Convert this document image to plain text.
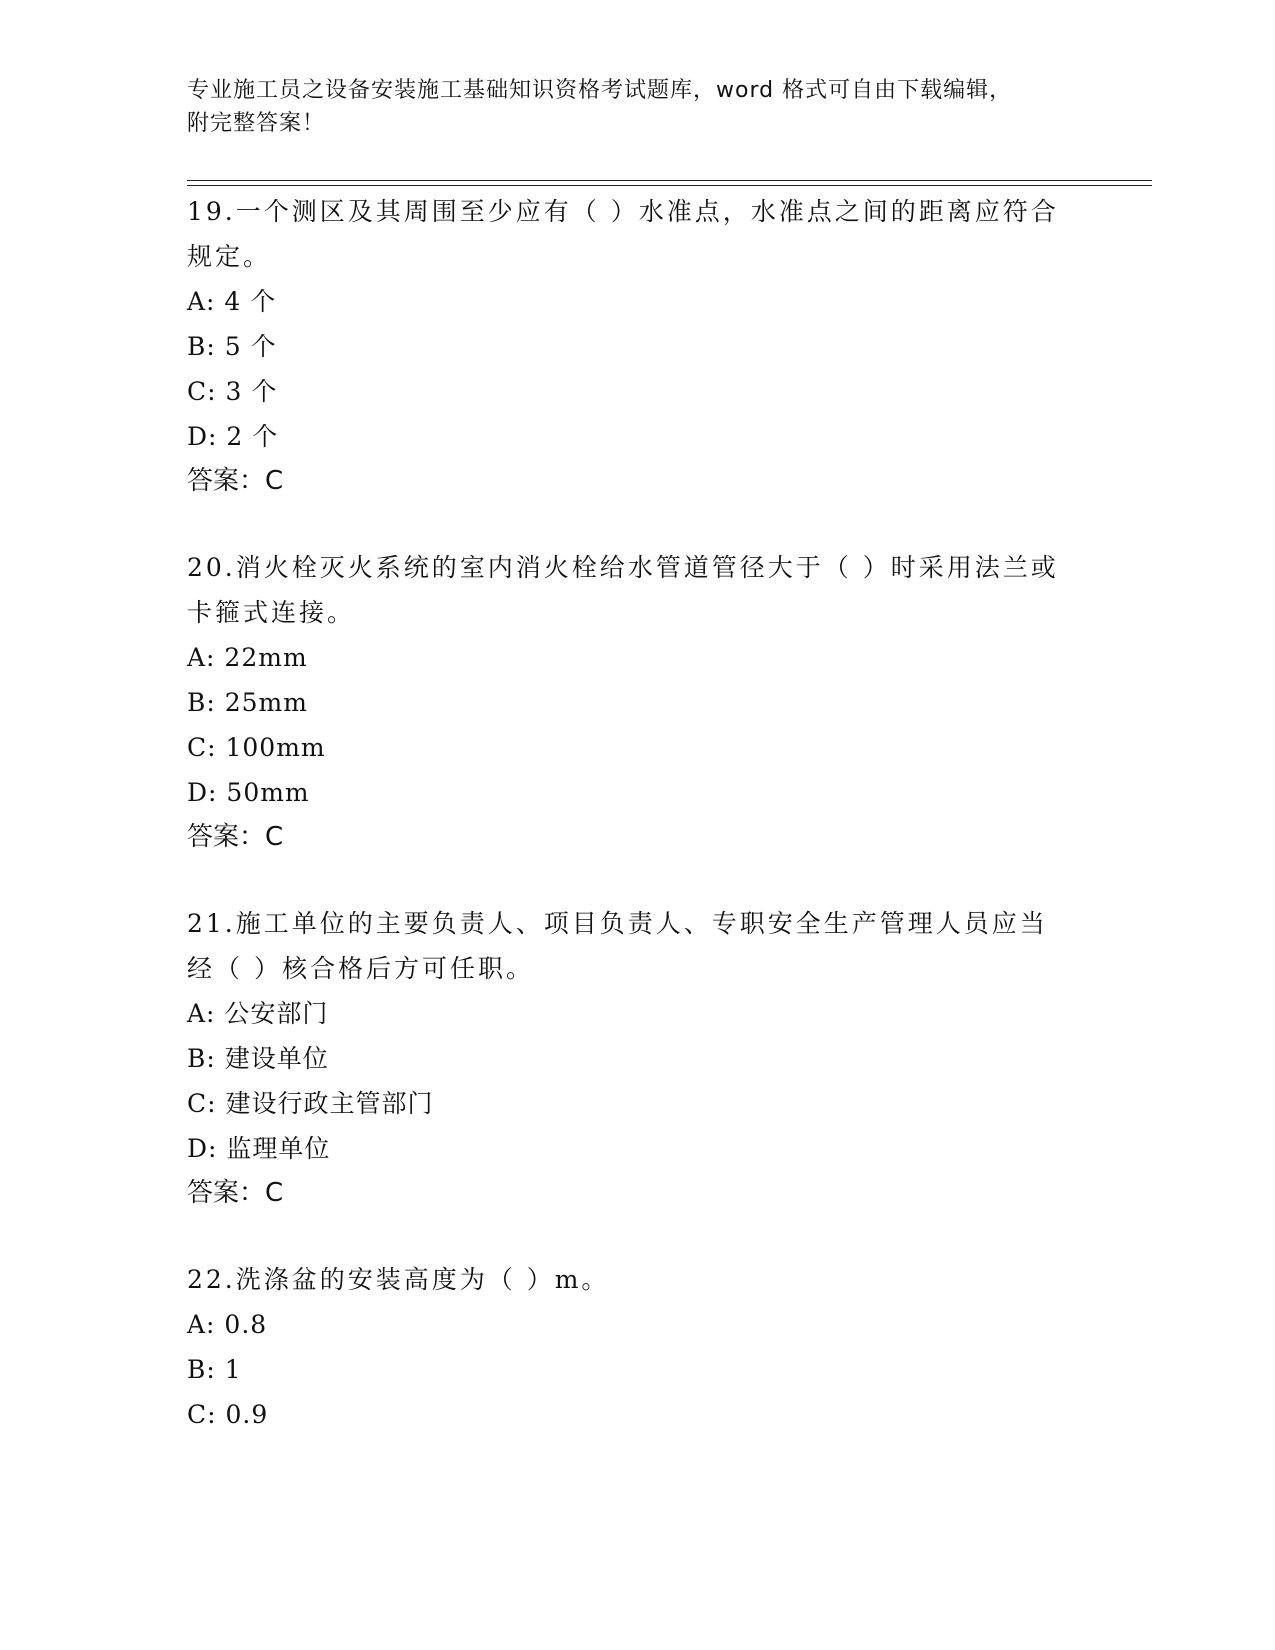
专业施工员之设备安装施工基础知识资格考试题库，word 格式可自由下载编辑，
附完整答案！
19.一个测区及其周围至少应有（ ）水准点，水准点之间的距离应符合规定。
A: 4 个
B: 5 个
C: 3 个
D: 2 个
答案：C
20.消火栓灭火系统的室内消火栓给水管道管径大于（ ）时采用法兰或卡箍式连接。
A: 22mm
B: 25mm
C: 100mm
D: 50mm
答案：C
21.施工单位的主要负责人、项目负责人、专职安全生产管理人员应当经（ ）核合格后方可任职。
A: 公安部门
B: 建设单位
C: 建设行政主管部门
D: 监理单位
答案：C
22.洗涤盆的安装高度为（ ）m。
A: 0.8
B: 1
C: 0.9
